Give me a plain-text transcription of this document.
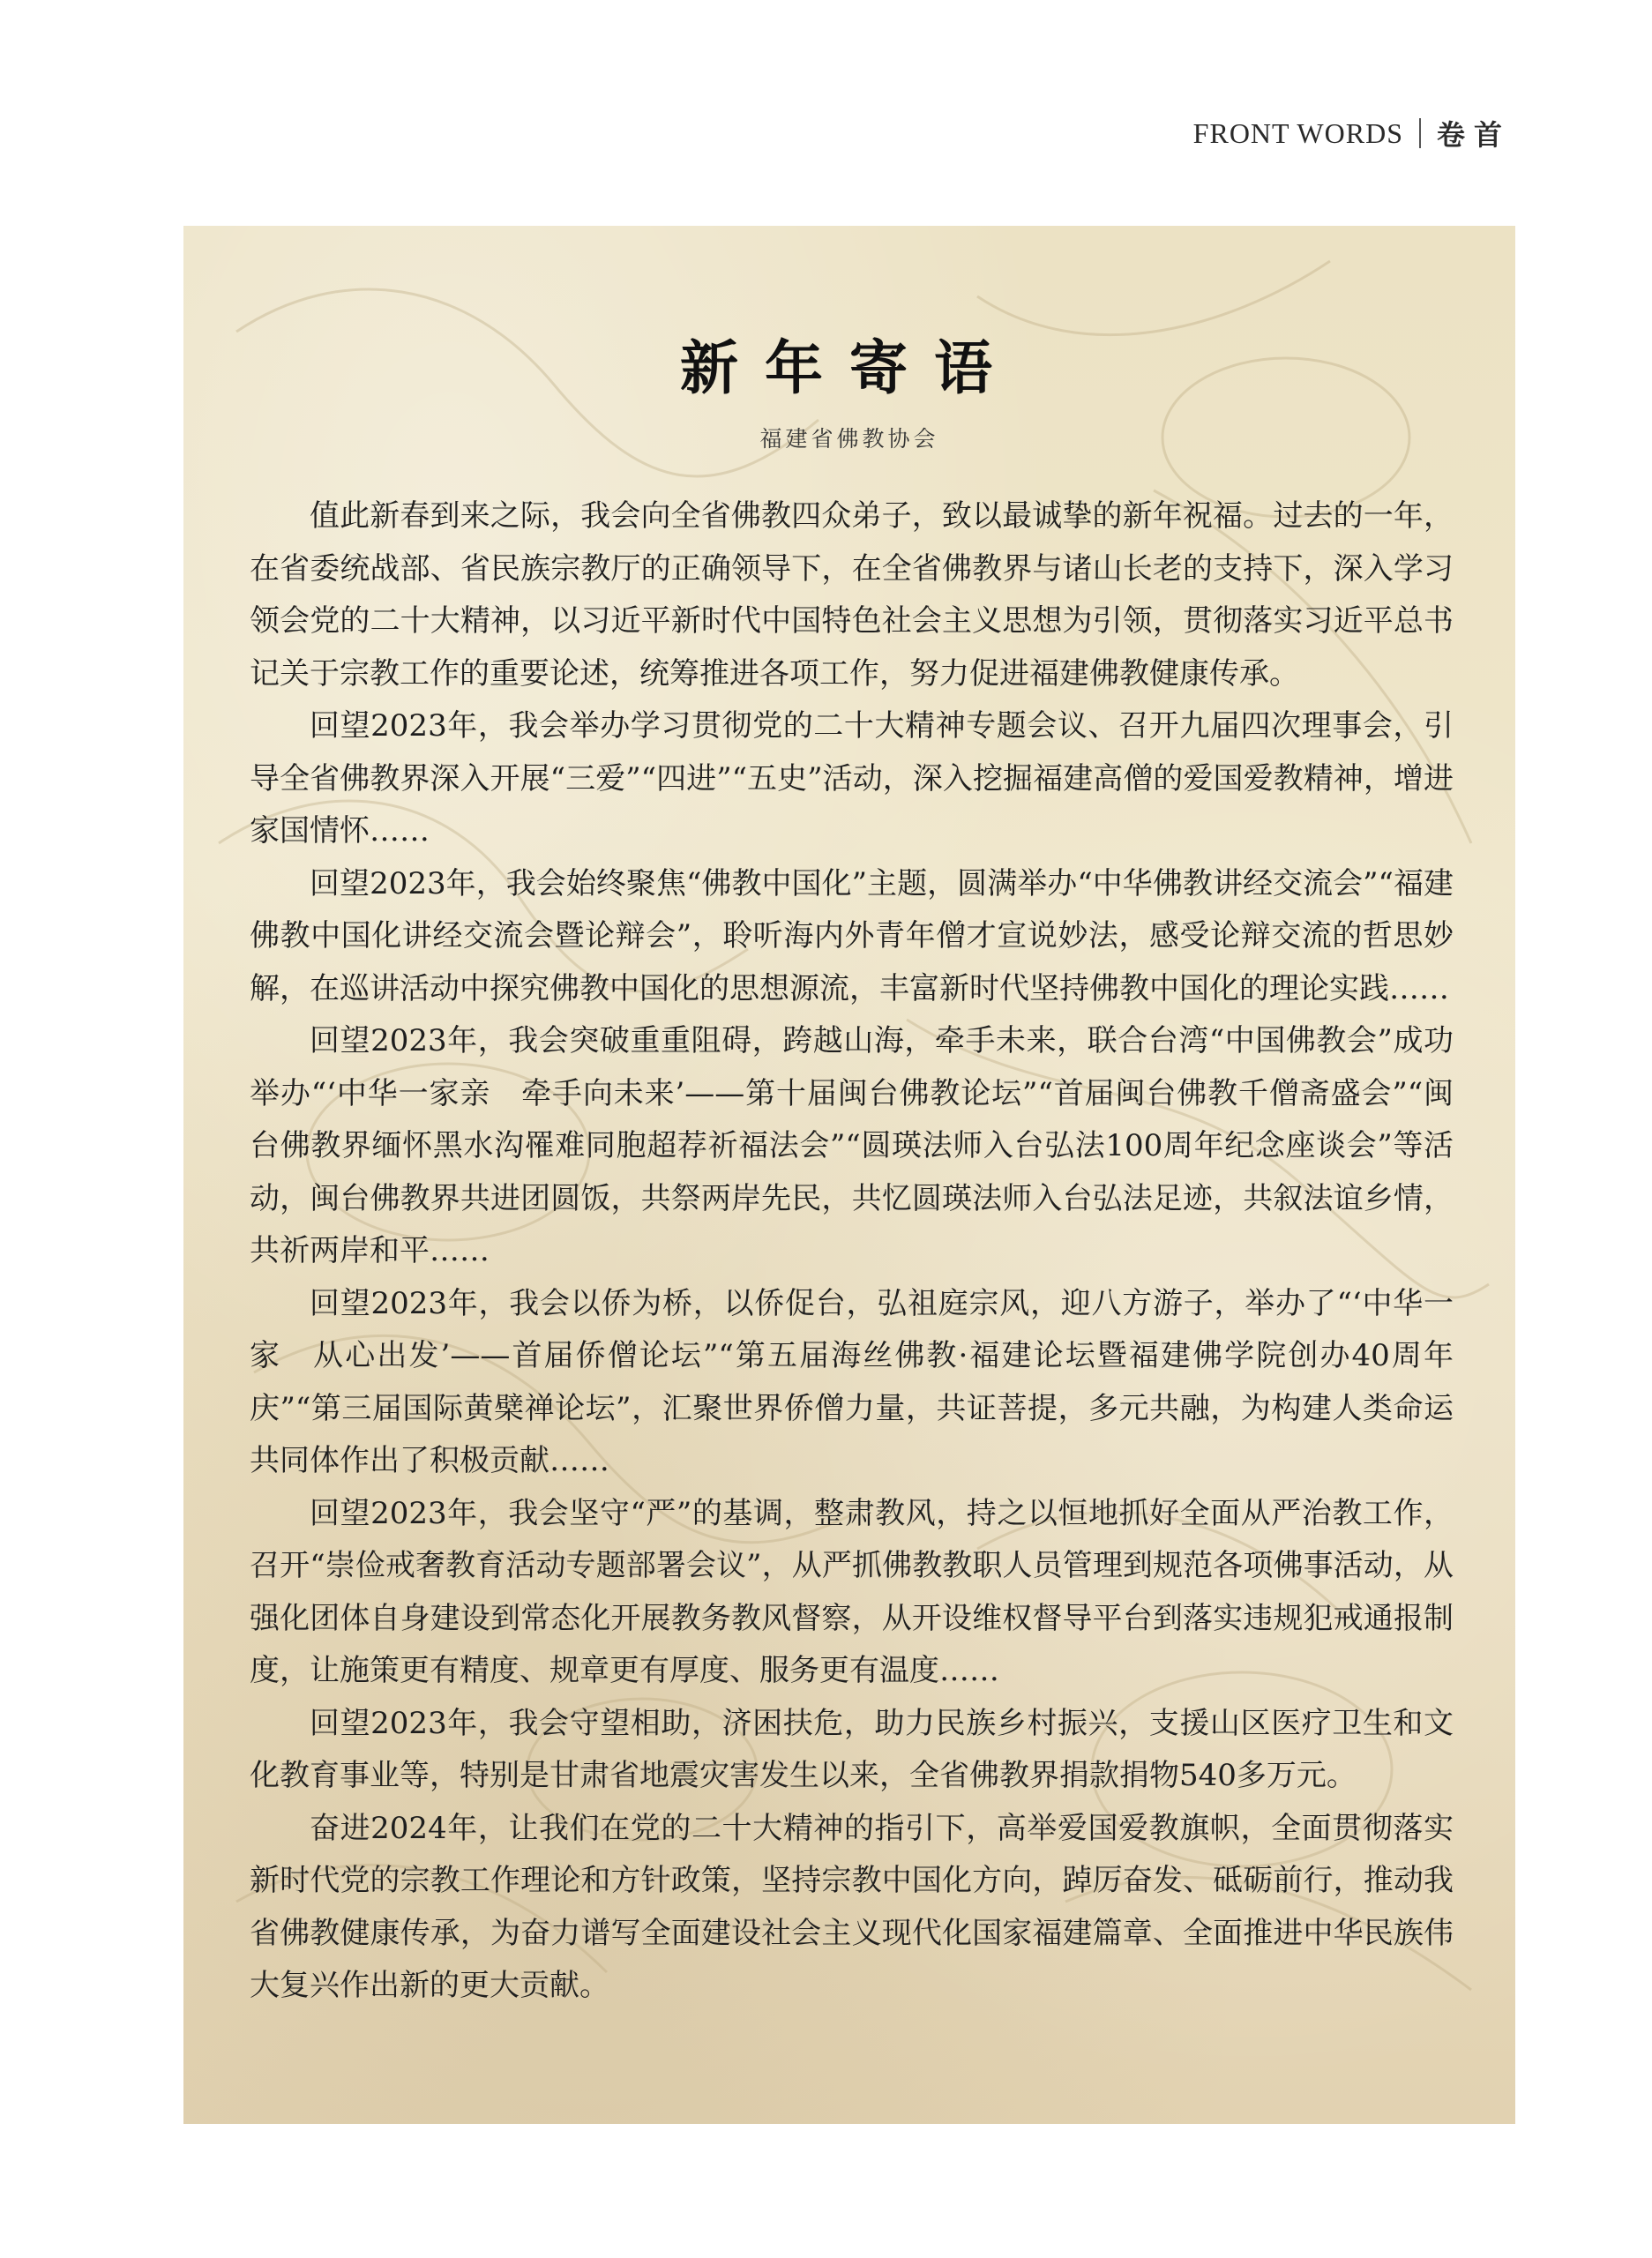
FRONT WORDS 卷首
新年寄语
福建省佛教协会

值此新春到来之际，我会向全省佛教四众弟子，致以最诚挚的新年祝福。过去的一年，在省委统战部、省民族宗教厅的正确领导下，在全省佛教界与诸山长老的支持下，深入学习领会党的二十大精神，以习近平新时代中国特色社会主义思想为引领，贯彻落实习近平总书记关于宗教工作的重要论述，统筹推进各项工作，努力促进福建佛教健康传承。

回望2023年，我会举办学习贯彻党的二十大精神专题会议、召开九届四次理事会，引导全省佛教界深入开展“三爱”“四进”“五史”活动，深入挖掘福建高僧的爱国爱教精神，增进家国情怀……

回望2023年，我会始终聚焦“佛教中国化”主题，圆满举办“中华佛教讲经交流会”“福建佛教中国化讲经交流会暨论辩会”，聆听海内外青年僧才宣说妙法，感受论辩交流的哲思妙解，在巡讲活动中探究佛教中国化的思想源流，丰富新时代坚持佛教中国化的理论实践……

回望2023年，我会突破重重阻碍，跨越山海，牵手未来，联合台湾“中国佛教会”成功举办“‘中华一家亲　牵手向未来’——第十届闽台佛教论坛”“首届闽台佛教千僧斋盛会”“闽台佛教界缅怀黑水沟罹难同胞超荐祈福法会”“圆瑛法师入台弘法100周年纪念座谈会”等活动，闽台佛教界共进团圆饭，共祭两岸先民，共忆圆瑛法师入台弘法足迹，共叙法谊乡情，共祈两岸和平……

回望2023年，我会以侨为桥，以侨促台，弘祖庭宗风，迎八方游子，举办了“‘中华一家　从心出发’——首届侨僧论坛”“第五届海丝佛教·福建论坛暨福建佛学院创办40周年庆”“第三届国际黄檗禅论坛”，汇聚世界侨僧力量，共证菩提，多元共融，为构建人类命运共同体作出了积极贡献……

回望2023年，我会坚守“严”的基调，整肃教风，持之以恒地抓好全面从严治教工作，召开“崇俭戒奢教育活动专题部署会议”，从严抓佛教教职人员管理到规范各项佛事活动，从强化团体自身建设到常态化开展教务教风督察，从开设维权督导平台到落实违规犯戒通报制度，让施策更有精度、规章更有厚度、服务更有温度……

回望2023年，我会守望相助，济困扶危，助力民族乡村振兴，支援山区医疗卫生和文化教育事业等，特别是甘肃省地震灾害发生以来，全省佛教界捐款捐物540多万元。

奋进2024年，让我们在党的二十大精神的指引下，高举爱国爱教旗帜，全面贯彻落实新时代党的宗教工作理论和方针政策，坚持宗教中国化方向，踔厉奋发、砥砺前行，推动我省佛教健康传承，为奋力谱写全面建设社会主义现代化国家福建篇章、全面推进中华民族伟大复兴作出新的更大贡献。
